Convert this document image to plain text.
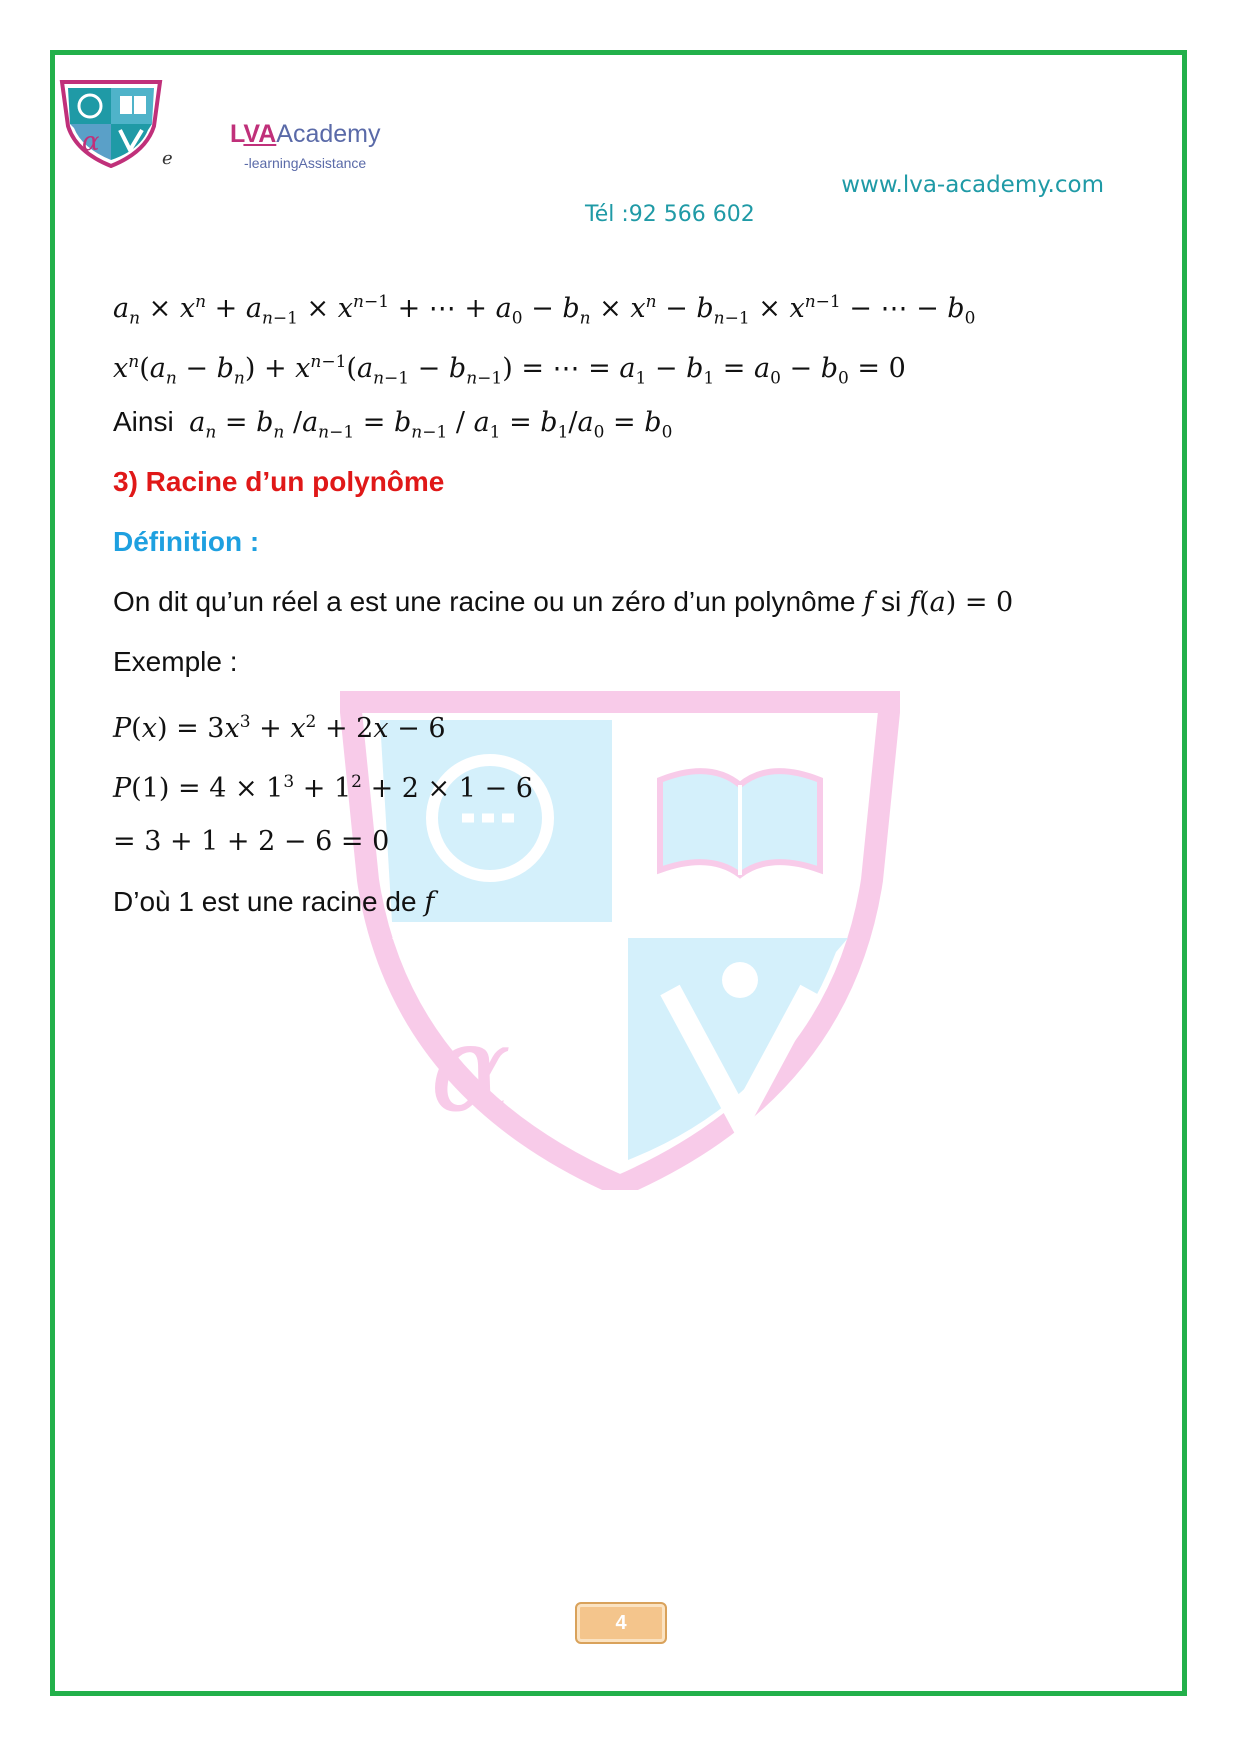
α
e
LVAAcademy
-learningAssistance
www.lva-academy.com
Tél :92 566 602
α
$a_n \times x^n + a_{n-1} \times x^{n-1}$ + ⋯ + $a_0 - b_n \times x^n - b_{n-1} \times x^{n-1}$ − ⋯ − $b_0$
$x^n(a_n - b_n) + x^{n-1}(a_{n-1} - b_{n-1})$ = ⋯ = $a_1 - b_1 = a_0 - b_0 = 0$
Ainsi $a_n = b_n$ $/a_{n-1} = b_{n-1} / a_1 = b_1/a_0 = b_0$
3) Racine d’un polynôme
Définition :
On dit qu’un réel a est une racine ou un zéro d’un polynôme f si f(a) = 0
Exemple :
$P(x) = 3x^3 + x^2 + 2x - 6$
$P(1) = 4 \times 1^3 + 1^2 + 2 \times 1 - 6$
= 3 + 1 + 2 − 6 = 0
D’où 1 est une racine de f
4
